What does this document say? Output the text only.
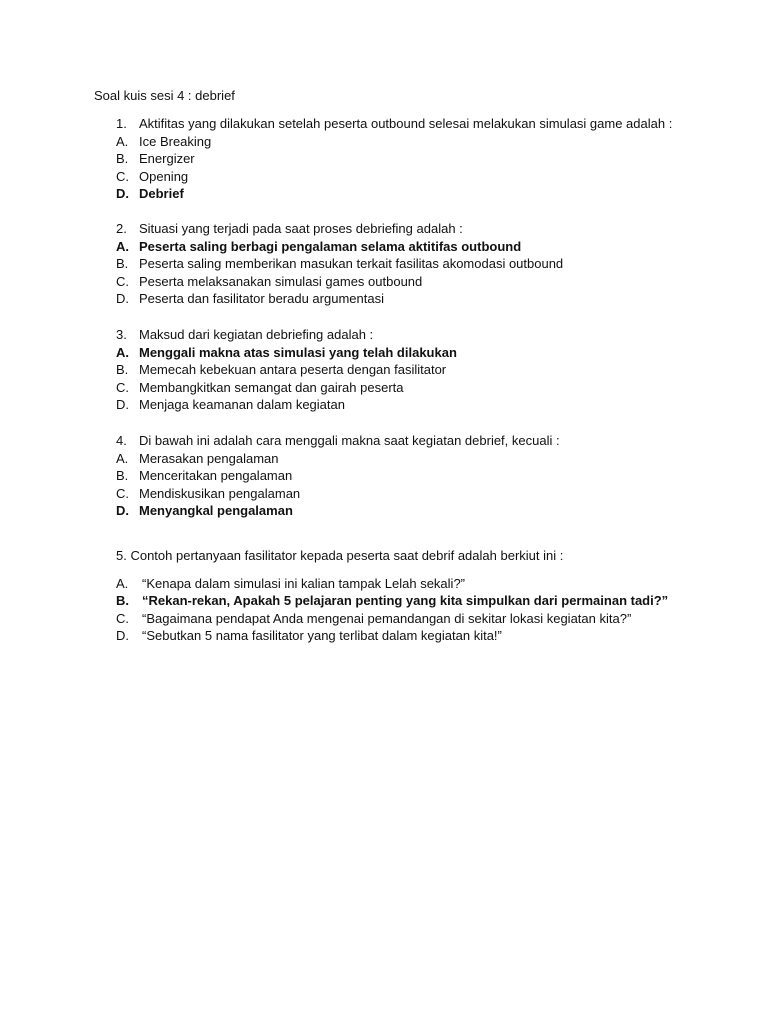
Soal kuis sesi 4 : debrief
1. Aktifitas yang dilakukan setelah peserta outbound selesai melakukan simulasi game adalah :
A. Ice Breaking
B. Energizer
C. Opening
D. Debrief
2. Situasi yang terjadi pada saat proses debriefing adalah :
A. Peserta saling berbagi pengalaman selama aktitifas outbound
B. Peserta saling memberikan masukan terkait fasilitas akomodasi outbound
C. Peserta melaksanakan simulasi games outbound
D. Peserta dan fasilitator beradu argumentasi
3. Maksud dari kegiatan debriefing adalah :
A. Menggali makna atas simulasi yang telah dilakukan
B. Memecah kebekuan antara peserta dengan fasilitator
C. Membangkitkan semangat dan gairah peserta
D. Menjaga keamanan dalam kegiatan
4. Di bawah ini adalah cara menggali makna saat kegiatan debrief, kecuali :
A. Merasakan pengalaman
B. Menceritakan pengalaman
C. Mendiskusikan pengalaman
D. Menyangkal pengalaman
5. Contoh pertanyaan fasilitator kepada peserta saat debrif adalah berkiut ini :
A.	“Kenapa dalam simulasi ini kalian tampak Lelah sekali?”
B.	“Rekan-rekan, Apakah 5 pelajaran penting yang kita simpulkan dari permainan tadi?”
C.	“Bagaimana pendapat Anda mengenai pemandangan di sekitar lokasi kegiatan kita?”
D.	“Sebutkan 5 nama fasilitator yang terlibat dalam kegiatan kita!”
